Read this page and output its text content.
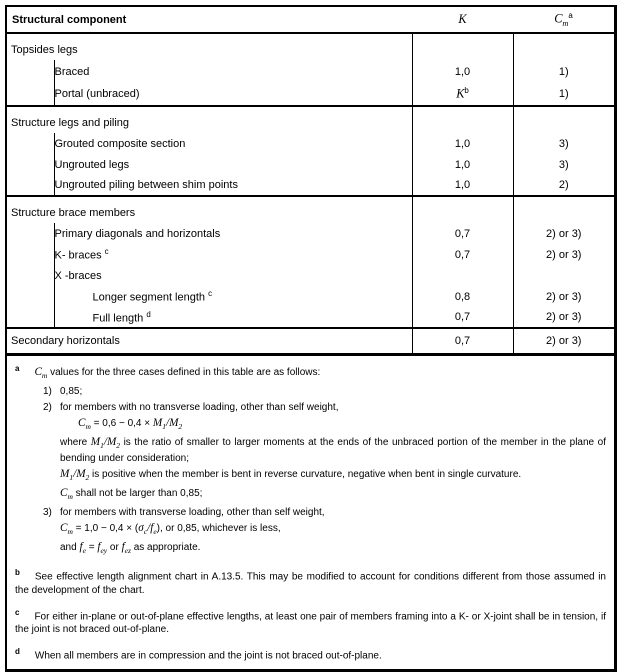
Structural component		K	$C_m^a$
Topsides legs			
	Braced	1,0	1)
	Portal (unbraced)	$K^b$	1)
Structure legs and piling			
	Grouted composite section	1,0	3)
	Ungrouted legs	1,0	3)
	Ungrouted piling between shim points	1,0	2)
Structure brace members			
	Primary diagonals and horizontals	0,7	2) or 3)
	K- braces $^c$	0,7	2) or 3)
	X -braces		
	Longer segment length $^c$	0,8	2) or 3)
	Full length $^d$	0,7	2) or 3)
Secondary horizontals		0,7	2) or 3)
$^a$ $C_m$ values for the three cases defined in this table are as follows:
1) 0,85;
2) for members with no transverse loading, other than self weight,
$C_m = 0,6 - 0,4 \times M_1/M_2$
where $M_1/M_2$ is the ratio of smaller to larger moments at the ends of the unbraced portion of the member in the plane of bending under consideration;
$M_1/M_2$ is positive when the member is bent in reverse curvature, negative when bent in single curvature.
$C_m$ shall not be larger than 0,85;
3) for members with transverse loading, other than self weight,
$C_m = 1,0 - 0,4 \times (\sigma_c/f_e)$, or 0,85, whichever is less,
and $f_e = f_{ey}$ or $f_{ez}$ as appropriate.
$^b$ See effective length alignment chart in A.13.5. This may be modified to account for conditions different from those assumed in the development of the chart.
$^c$ For either in-plane or out-of-plane effective lengths, at least one pair of members framing into a K- or X-joint shall be in tension, if the joint is not braced out-of-plane.
$^d$ When all members are in compression and the joint is not braced out-of-plane.
